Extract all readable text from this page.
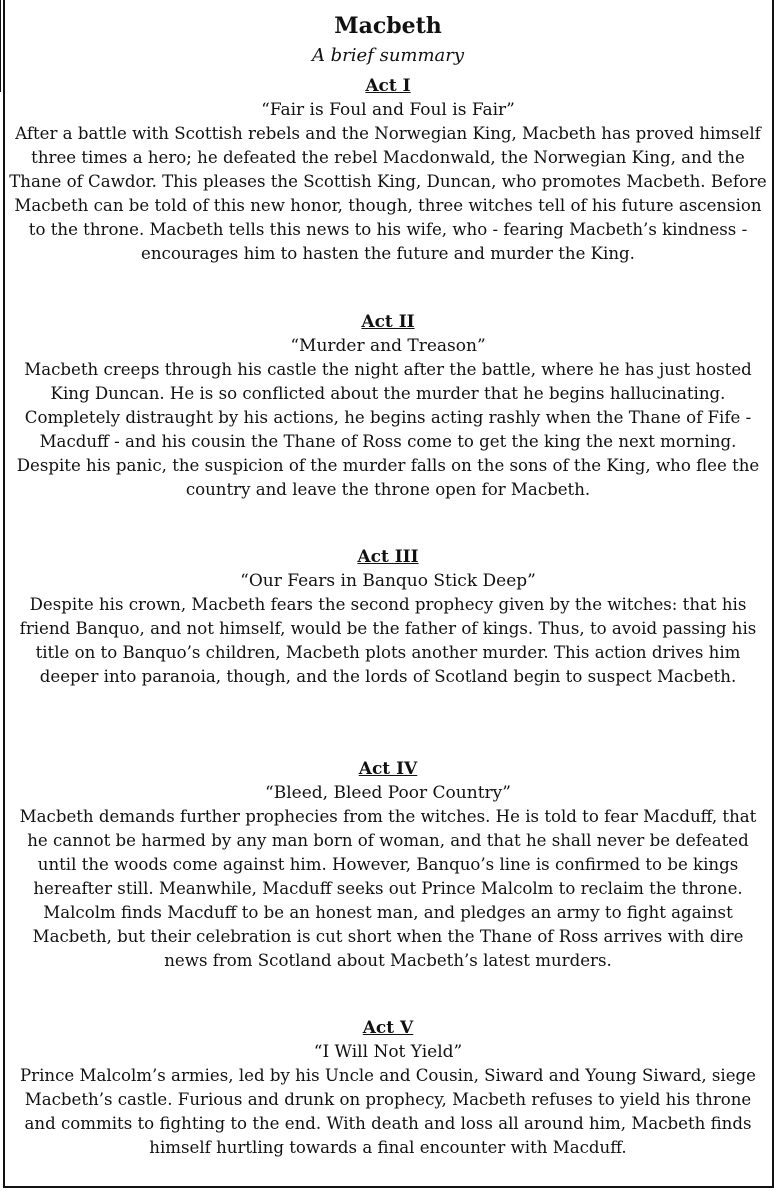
Macbeth

A brief summary

Act I
“Fair is Foul and Foul is Fair”
After a battle with Scottish rebels and the Norwegian King, Macbeth has proved himself three times a hero; he defeated the rebel Macdonwald, the Norwegian King, and the Thane of Cawdor. This pleases the Scottish King, Duncan, who promotes Macbeth. Before Macbeth can be told of this new honor, though, three witches tell of his future ascension to the throne. Macbeth tells this news to his wife, who - fearing Macbeth’s kindness - encourages him to hasten the future and murder the King.
Act II
“Murder and Treason”
Macbeth creeps through his castle the night after the battle, where he has just hosted King Duncan. He is so conflicted about the murder that he begins hallucinating. Completely distraught by his actions, he begins acting rashly when the Thane of Fife - Macduff - and his cousin the Thane of Ross come to get the king the next morning. Despite his panic, the suspicion of the murder falls on the sons of the King, who flee the country and leave the throne open for Macbeth.
Act III
“Our Fears in Banquo Stick Deep”
Despite his crown, Macbeth fears the second prophecy given by the witches: that his friend Banquo, and not himself, would be the father of kings. Thus, to avoid passing his title on to Banquo’s children, Macbeth plots another murder. This action drives him deeper into paranoia, though, and the lords of Scotland begin to suspect Macbeth.
Act IV
“Bleed, Bleed Poor Country”
Macbeth demands further prophecies from the witches. He is told to fear Macduff, that he cannot be harmed by any man born of woman, and that he shall never be defeated until the woods come against him. However, Banquo’s line is confirmed to be kings hereafter still. Meanwhile, Macduff seeks out Prince Malcolm to reclaim the throne. Malcolm finds Macduff to be an honest man, and pledges an army to fight against Macbeth, but their celebration is cut short when the Thane of Ross arrives with dire news from Scotland about Macbeth’s latest murders.
Act V
“I Will Not Yield”
Prince Malcolm’s armies, led by his Uncle and Cousin, Siward and Young Siward, siege Macbeth’s castle. Furious and drunk on prophecy, Macbeth refuses to yield his throne and commits to fighting to the end. With death and loss all around him, Macbeth finds himself hurtling towards a final encounter with Macduff.
